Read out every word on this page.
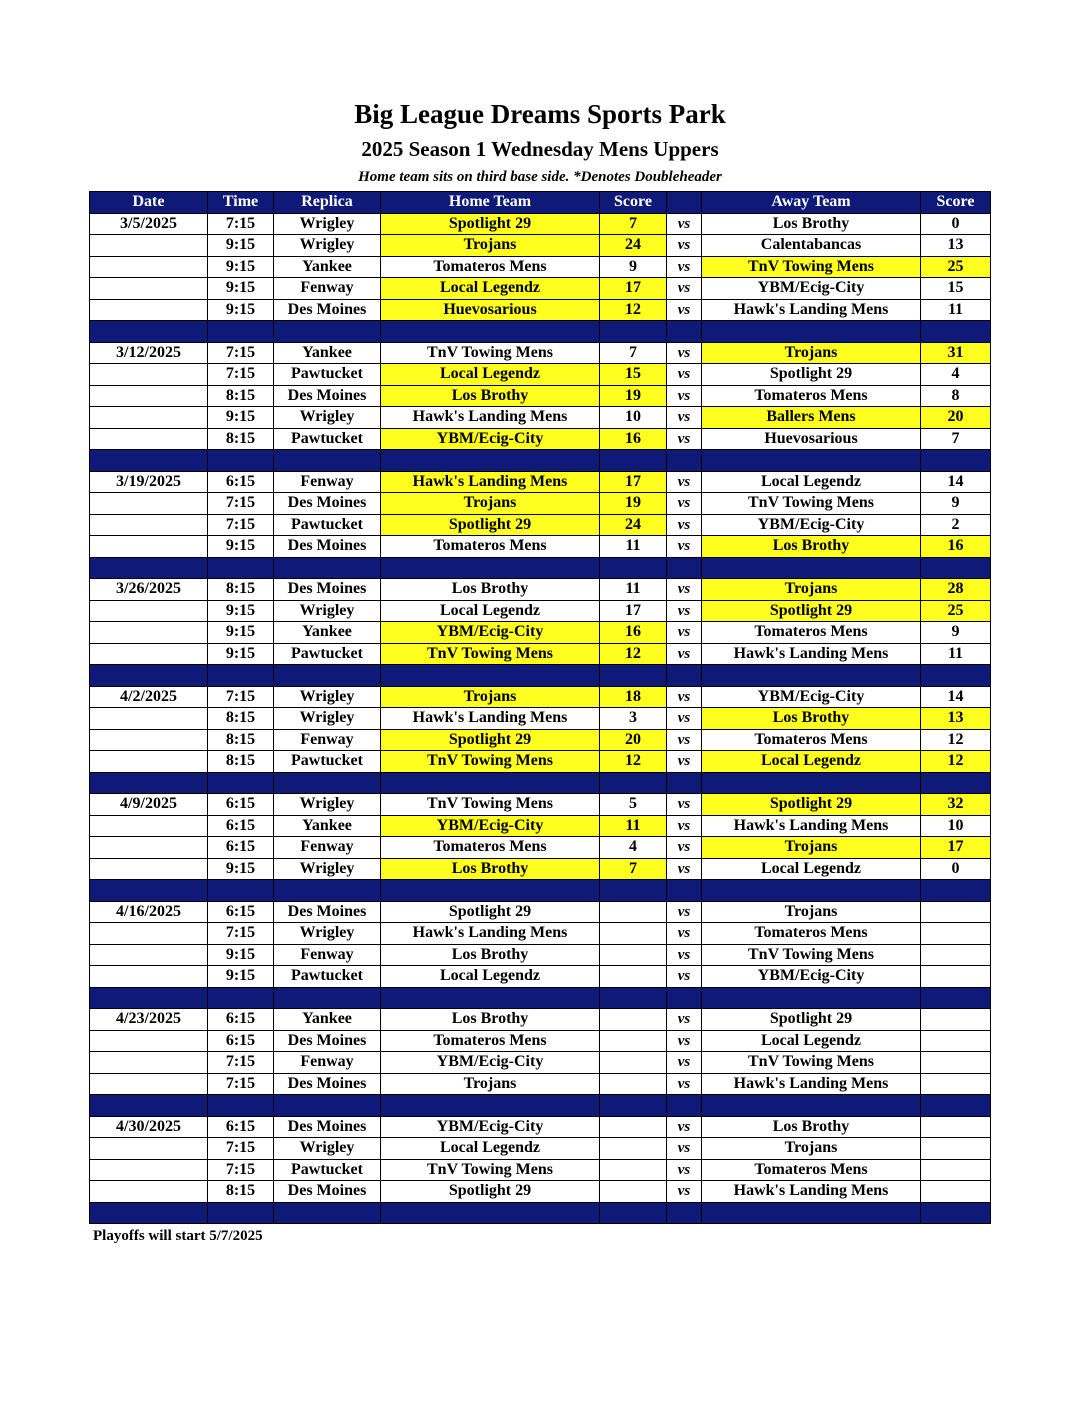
Big League Dreams Sports Park
2025 Season 1 Wednesday Mens Uppers
Home team sits on third base side. *Denotes Doubleheader
Date	Time	Replica	Home Team	Score		Away Team	Score
3/5/2025	7:15	Wrigley	Spotlight 29	7	vs	Los Brothy	0
	9:15	Wrigley	Trojans	24	vs	Calentabancas	13
	9:15	Yankee	Tomateros Mens	9	vs	TnV Towing Mens	25
	9:15	Fenway	Local Legendz	17	vs	YBM/Ecig-City	15
	9:15	Des Moines	Huevosarious	12	vs	Hawk's Landing Mens	11

3/12/2025	7:15	Yankee	TnV Towing Mens	7	vs	Trojans	31
	7:15	Pawtucket	Local Legendz	15	vs	Spotlight 29	4
	8:15	Des Moines	Los Brothy	19	vs	Tomateros Mens	8
	9:15	Wrigley	Hawk's Landing Mens	10	vs	Ballers Mens	20
	8:15	Pawtucket	YBM/Ecig-City	16	vs	Huevosarious	7

3/19/2025	6:15	Fenway	Hawk's Landing Mens	17	vs	Local Legendz	14
	7:15	Des Moines	Trojans	19	vs	TnV Towing Mens	9
	7:15	Pawtucket	Spotlight 29	24	vs	YBM/Ecig-City	2
	9:15	Des Moines	Tomateros Mens	11	vs	Los Brothy	16

3/26/2025	8:15	Des Moines	Los Brothy	11	vs	Trojans	28
	9:15	Wrigley	Local Legendz	17	vs	Spotlight 29	25
	9:15	Yankee	YBM/Ecig-City	16	vs	Tomateros Mens	9
	9:15	Pawtucket	TnV Towing Mens	12	vs	Hawk's Landing Mens	11

4/2/2025	7:15	Wrigley	Trojans	18	vs	YBM/Ecig-City	14
	8:15	Wrigley	Hawk's Landing Mens	3	vs	Los Brothy	13
	8:15	Fenway	Spotlight 29	20	vs	Tomateros Mens	12
	8:15	Pawtucket	TnV Towing Mens	12	vs	Local Legendz	12

4/9/2025	6:15	Wrigley	TnV Towing Mens	5	vs	Spotlight 29	32
	6:15	Yankee	YBM/Ecig-City	11	vs	Hawk's Landing Mens	10
	6:15	Fenway	Tomateros Mens	4	vs	Trojans	17
	9:15	Wrigley	Los Brothy	7	vs	Local Legendz	0

4/16/2025	6:15	Des Moines	Spotlight 29		vs	Trojans	
	7:15	Wrigley	Hawk's Landing Mens		vs	Tomateros Mens	
	9:15	Fenway	Los Brothy		vs	TnV Towing Mens	
	9:15	Pawtucket	Local Legendz		vs	YBM/Ecig-City	

4/23/2025	6:15	Yankee	Los Brothy		vs	Spotlight 29	
	6:15	Des Moines	Tomateros Mens		vs	Local Legendz	
	7:15	Fenway	YBM/Ecig-City		vs	TnV Towing Mens	
	7:15	Des Moines	Trojans		vs	Hawk's Landing Mens	

4/30/2025	6:15	Des Moines	YBM/Ecig-City		vs	Los Brothy	
	7:15	Wrigley	Local Legendz		vs	Trojans	
	7:15	Pawtucket	TnV Towing Mens		vs	Tomateros Mens	
	8:15	Des Moines	Spotlight 29		vs	Hawk's Landing Mens	

Playoffs will start 5/7/2025
